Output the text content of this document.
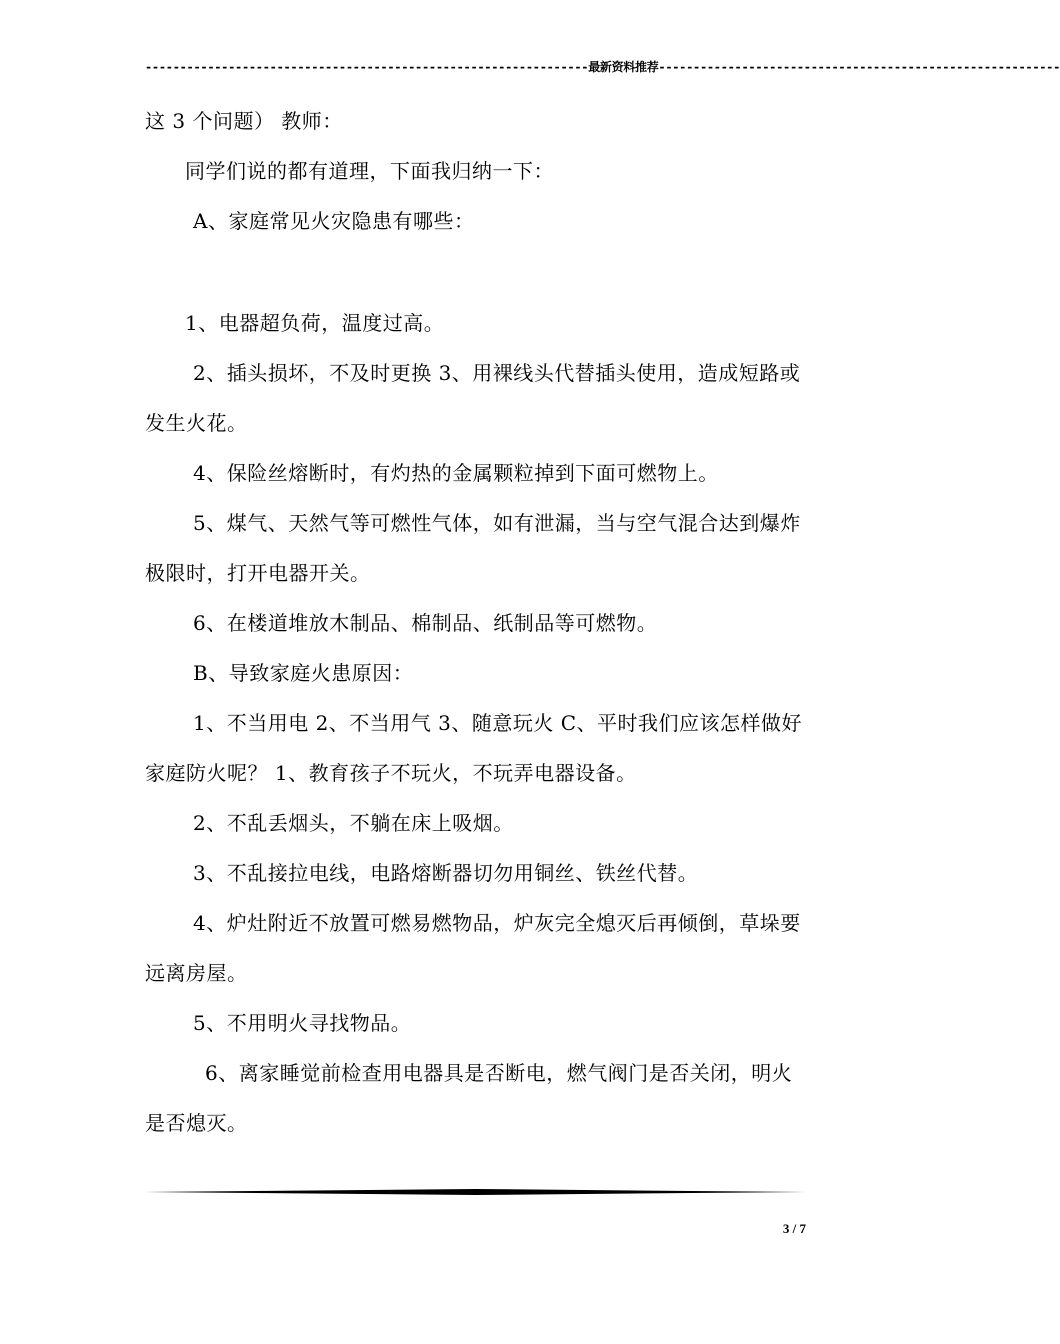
----------------------------------------------------------------最新资料推荐----------------------------------------------------------

这 3 个问题） 教师：

同学们说的都有道理，下面我归纳一下：

A、家庭常见火灾隐患有哪些：

1、电器超负荷，温度过高。

2、插头损坏，不及时更换 3、用裸线头代替插头使用，造成短路或发生火花。

4、保险丝熔断时，有灼热的金属颗粒掉到下面可燃物上。

5、煤气、天然气等可燃性气体，如有泄漏，当与空气混合达到爆炸极限时，打开电器开关。

6、在楼道堆放木制品、棉制品、纸制品等可燃物。

B、导致家庭火患原因：

1、不当用电 2、不当用气 3、随意玩火 C、平时我们应该怎样做好家庭防火呢？ 1、教育孩子不玩火，不玩弄电器设备。

2、不乱丢烟头，不躺在床上吸烟。

3、不乱接拉电线，电路熔断器切勿用铜丝、铁丝代替。

4、炉灶附近不放置可燃易燃物品，炉灰完全熄灭后再倾倒，草垛要远离房屋。

5、不用明火寻找物品。

6、离家睡觉前检查用电器具是否断电，燃气阀门是否关闭，明火是否熄灭。

3 / 7
